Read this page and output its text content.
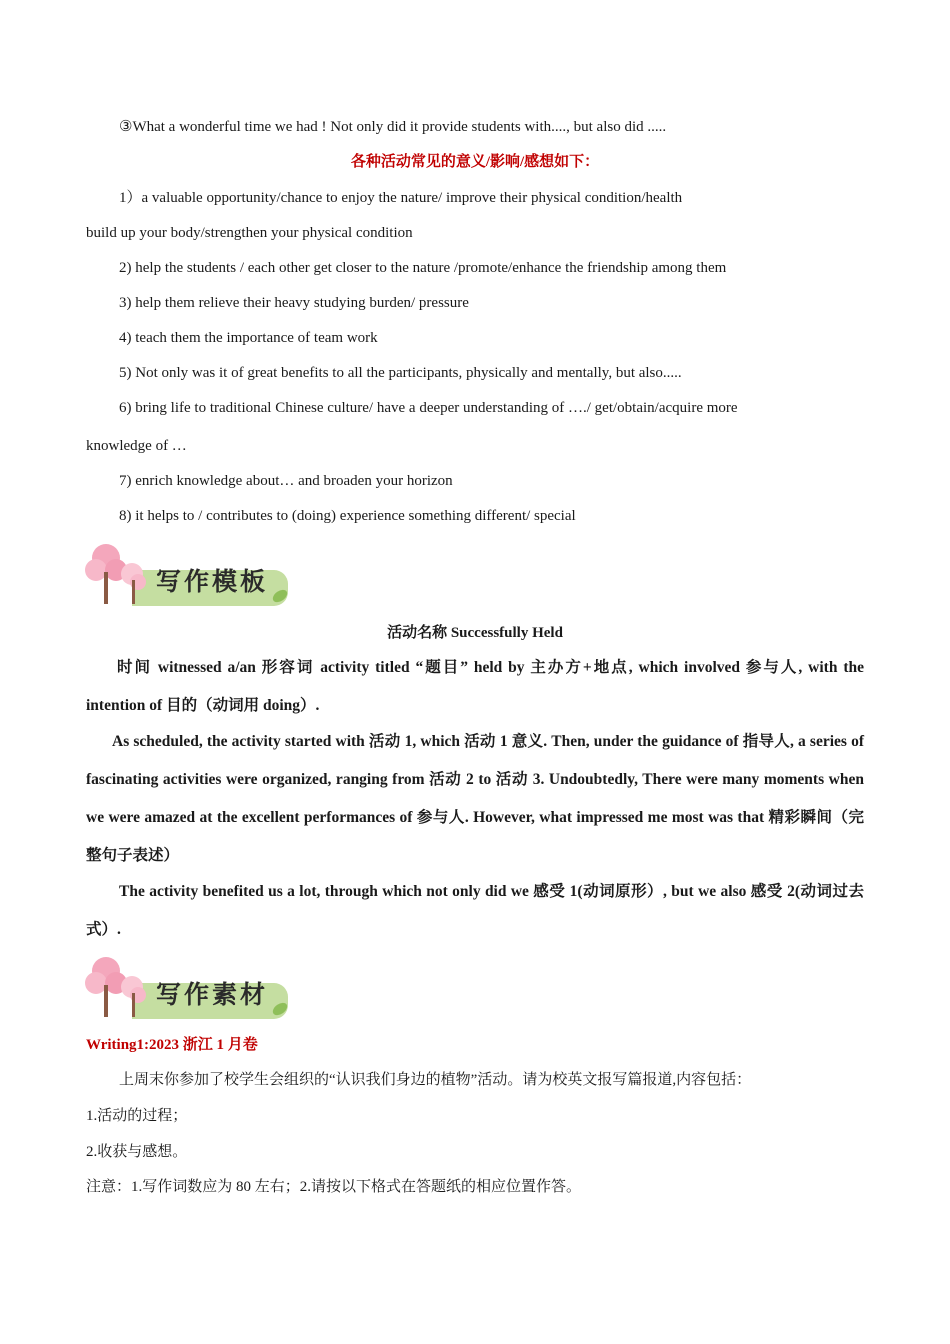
③What a wonderful time we had ! Not only did it provide students with...., but also did .....
各种活动常见的意义/影响/感想如下：
1）a valuable opportunity/chance to enjoy the nature/ improve their physical condition/health
build up your body/strengthen your physical condition
2) help the students / each other get closer to the nature /promote/enhance the friendship among them
3) help them relieve their heavy studying burden/ pressure
4) teach them the importance of team work
5) Not only was it of great benefits to all the participants, physically and mentally, but also.....
6) bring life to traditional Chinese culture/ have a deeper understanding of …./ get/obtain/acquire more
knowledge of …
7) enrich knowledge about… and broaden your horizon
8) it helps to / contributes to (doing) experience something different/ special
写作模板
活动名称 Successfully Held
时间 witnessed a/an 形容词 activity titled “题目” held by 主办方+地点, which involved 参与人, with the intention of 目的（动词用 doing）.
As scheduled, the activity started with 活动 1, which 活动 1 意义. Then, under the guidance of 指导人, a series of fascinating activities were organized, ranging from 活动 2 to 活动 3. Undoubtedly, There were many moments when we were amazed at the excellent performances of 参与人. However, what impressed me most was that 精彩瞬间（完整句子表述）
The activity benefited us a lot, through which not only did we 感受 1(动词原形）, but we also 感受 2(动词过去式）.
写作素材
Writing1:2023 浙江 1 月卷
上周末你参加了校学生会组织的“认识我们身边的植物”活动。请为校英文报写篇报道,内容包括：
1.活动的过程；
2.收获与感想。
注意：1.写作词数应为 80 左右；2.请按以下格式在答题纸的相应位置作答。
